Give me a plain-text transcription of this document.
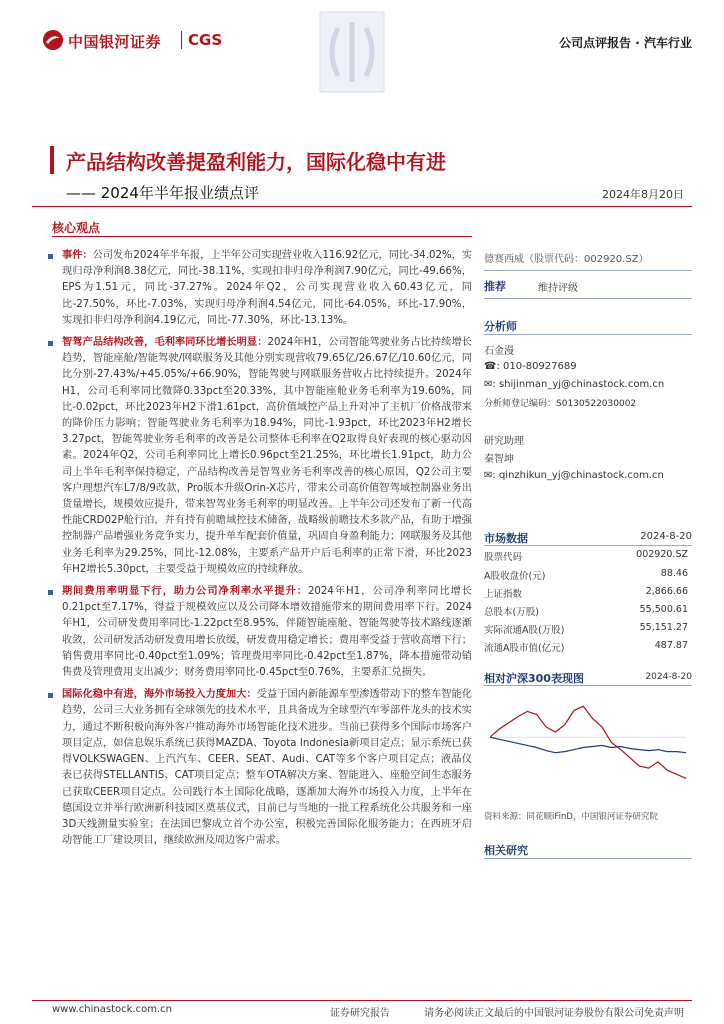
中国银河证券 CGS	公司点评报告 · 汽车行业
产品结构改善提盈利能力，国际化稳中有进
—— 2024年半年报业绩点评	2024年8月20日
核心观点
事件：公司发布2024年半年报，上半年公司实现营业收入116.92亿元，同比-34.02%，实现归母净利润8.38亿元，同比-38.11%，实现扣非归母净利润7.90亿元，同比-49.66%，EPS为1.51元，同比-37.27%。2024年Q2，公司实现营业收入60.43亿元，同比-27.50%，环比-7.03%，实现归母净利润4.54亿元，同比-64.05%，环比-17.90%，实现扣非归母净利润4.19亿元，同比-77.30%，环比-13.13%。
智驾产品结构改善，毛利率同环比增长明显：2024年H1，公司智能驾驶业务占比持续增长趋势，智能座舱/智能驾驶/网联服务及其他分别实现营收79.65亿/26.67亿/10.60亿元，同比分别-27.43%/+45.05%/+66.90%，智能驾驶与网联服务营收占比持续提升。2024年H1，公司毛利率同比微降0.33pct至20.33%，其中智能座舱业务毛利率为19.60%，同比-0.02pct，环比2023年H2下滑1.61pct，高价值域控产品上升对冲了主机厂价格战带来的降价压力影响；智能驾驶业务毛利率为18.94%，同比-1.93pct，环比2023年H2增长3.27pct，智能驾驶业务毛利率的改善是公司整体毛利率在Q2取得良好表现的核心驱动因素。2024年Q2，公司毛利率同比上增长0.96pct至21.25%，环比增长1.91pct，助力公司上半年毛利率保持稳定，产品结构改善是智驾业务毛利率改善的核心原因，Q2公司主要客户理想汽车L7/8/9改款，Pro版本升级Orin-X芯片，带来公司高价值智驾域控制器业务出货量增长，规模效应提升，带来智驾业务毛利率的明显改善。上半年公司还发布了新一代高性能CRD02P舱行泊，并有持有前瞻域控技术储备，战略级前瞻技术多款产品，有助于增强控制器产品增强业务竞争实力，提升单车配套价值量，巩固自身盈利能力；网联服务及其他业务毛利率为29.25%，同比-12.08%，主要系产品开户后毛利率的正常下滑，环比2023年H2增长5.30pct，主要受益于规模效应的持续释放。
期间费用率明显下行，助力公司净利率水平提升：2024年H1，公司净利率同比增长0.21pct至7.17%，得益于规模效应以及公司降本增效措施带来的期间费用率下行。2024年H1，公司研发费用率同比-1.22pct至8.95%，伴随智能座舱、智能驾驶等技术路线逐渐收敛，公司研发活动研发费用增长放缓，研发费用稳定增长；费用率受益于营收高增下行；销售费用率同比-0.40pct至1.09%；管理费用率同比-0.42pct至1.87%，降本措施带动销售费及管理费用支出减少；财务费用率同比-0.45pct至0.76%，主要系汇兑损失。
国际化稳中有进，海外市场投入力度加大：受益于国内新能源车型渗透带动下的整车智能化趋势，公司三大业务拥有全球领先的技术水平，且具备成为全球型汽车零部件龙头的技术实力，通过不断积极向海外客户推动海外市场智能化技术进步。当前已获得多个国际市场客户项目定点，如信息娱乐系统已获得MAZDA、Toyota Indonesia新项目定点；显示系统已获得VOLKSWAGEN、上汽汽车、CEER、SEAT、Audi、CAT等多个客户项目定点；液晶仪表已获得STELLANTIS、CAT项目定点；整车OTA解决方案、智能进入、座舱空间生态服务已获取CEER项目定点。公司践行本土国际化战略，逐渐加大海外市场投入力度，上半年在德国设立并举行欧洲新科技园区奠基仪式，目前已与当地的一批工程系统化公共服务和一座3D天线测量实验室；在法国巴黎成立首个办公室，积极完善国际化服务能力；在西班牙启动智能工厂建设项目，继续欧洲及周边客户需求。
德赛西威（股票代码：002920.SZ）
推荐	维持评级
分析师
石金漫
☎: 010-80927689
✉: shijinman_yj@chinastock.com.cn
分析师登记编码：S0130522030002
研究助理
秦智坤
✉: qinzhikun_yj@chinastock.com.cn
市场数据	2024-8-20
股票代码	002920.SZ
A股收盘价(元)	88.46
上证指数	2,866.66
总股本(万股)	55,500.61
实际流通A股(万股)	55,151.27
流通A股市值(亿元)	487.87
相对沪深300表现图	2024-8-20
资料来源：同花顺iFinD，中国银河证券研究院
相关研究
www.chinastock.com.cn	证券研究报告	请务必阅读正文最后的中国银河证券股份有限公司免责声明
